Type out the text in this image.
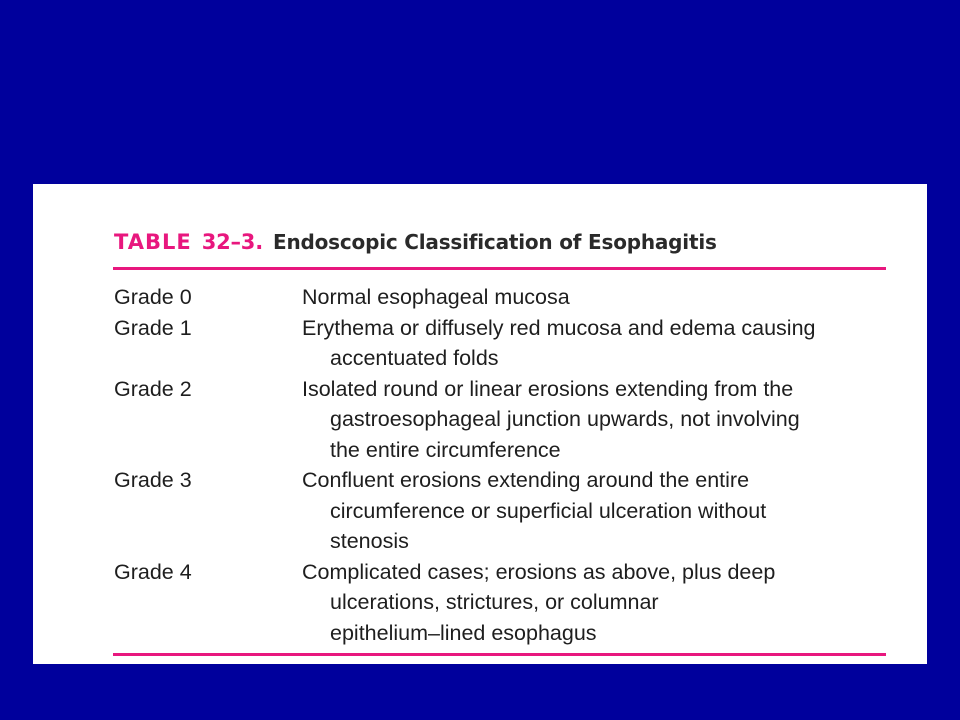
TABLE 32–3. Endoscopic Classification of Esophagitis
Grade 0	Normal esophageal mucosa
Grade 1	Erythema or diffusely red mucosa and edema causing
accentuated folds
Grade 2	Isolated round or linear erosions extending from the
gastroesophageal junction upwards, not involving
the entire circumference
Grade 3	Confluent erosions extending around the entire
circumference or superficial ulceration without
stenosis
Grade 4	Complicated cases; erosions as above, plus deep
ulcerations, strictures, or columnar
epithelium–lined esophagus
